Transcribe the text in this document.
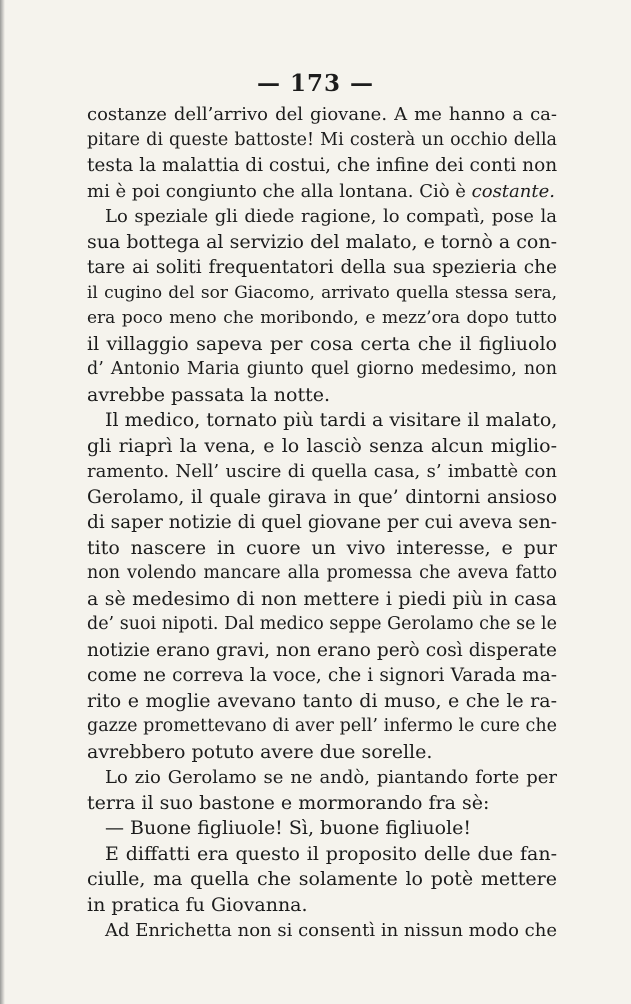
— 173 —
costanze dell’arrivo del giovane. A me hanno a ca-
pitare di queste battoste! Mi costerà un occhio della
testa la malattia di costui, che infine dei conti non
mi è poi congiunto che alla lontana. Ciò è costante.
Lo speziale gli diede ragione, lo compatì, pose la
sua bottega al servizio del malato, e tornò a con-
tare ai soliti frequentatori della sua spezieria che
il cugino del sor Giacomo, arrivato quella stessa sera,
era poco meno che moribondo, e mezz’ora dopo tutto
il villaggio sapeva per cosa certa che il figliuolo
d’ Antonio Maria giunto quel giorno medesimo, non
avrebbe passata la notte.
Il medico, tornato più tardi a visitare il malato,
gli riaprì la vena, e lo lasciò senza alcun miglio-
ramento. Nell’ uscire di quella casa, s’ imbattè con
Gerolamo, il quale girava in que’ dintorni ansioso
di saper notizie di quel giovane per cui aveva sen-
tito nascere in cuore un vivo interesse, e pur
non volendo mancare alla promessa che aveva fatto
a sè medesimo di non mettere i piedi più in casa
de’ suoi nipoti. Dal medico seppe Gerolamo che se le
notizie erano gravi, non erano però così disperate
come ne correva la voce, che i signori Varada ma-
rito e moglie avevano tanto di muso, e che le ra-
gazze promettevano di aver pell’ infermo le cure che
avrebbero potuto avere due sorelle.
Lo zio Gerolamo se ne andò, piantando forte per
terra il suo bastone e mormorando fra sè:
— Buone figliuole! Sì, buone figliuole!
E diffatti era questo il proposito delle due fan-
ciulle, ma quella che solamente lo potè mettere
in pratica fu Giovanna.
Ad Enrichetta non si consentì in nissun modo che
